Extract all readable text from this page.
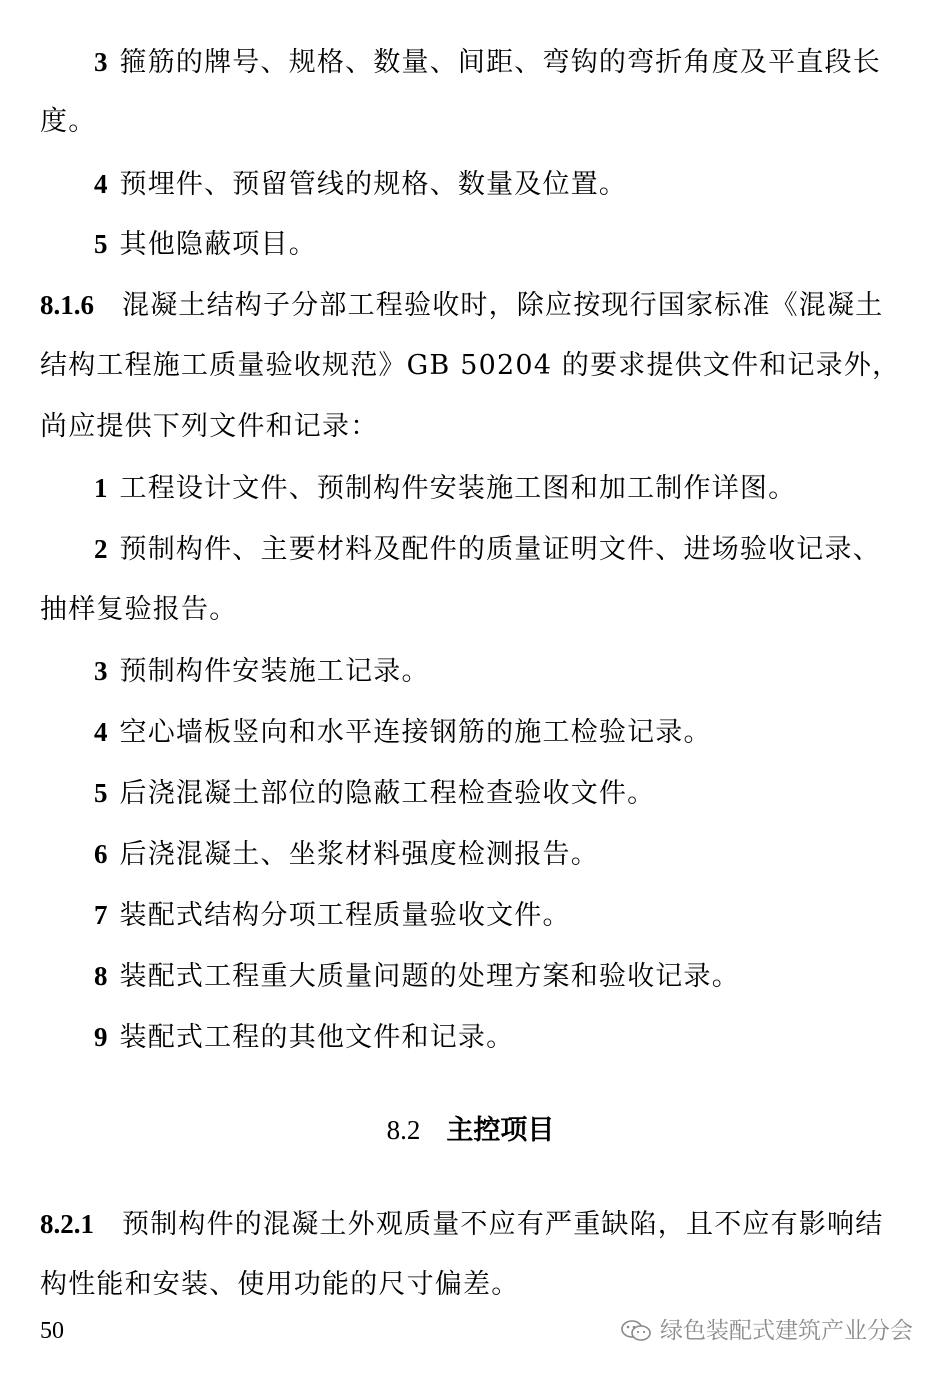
3 箍筋的牌号、规格、数量、间距、弯钩的弯折角度及平直段长
度。
4 预埋件、预留管线的规格、数量及位置。
5 其他隐蔽项目。
8.1.6 混凝土结构子分部工程验收时，除应按现行国家标准《混凝土
结构工程施工质量验收规范》GB 50204 的要求提供文件和记录外，
尚应提供下列文件和记录：
1 工程设计文件、预制构件安装施工图和加工制作详图。
2 预制构件、主要材料及配件的质量证明文件、进场验收记录、
抽样复验报告。
3 预制构件安装施工记录。
4 空心墙板竖向和水平连接钢筋的施工检验记录。
5 后浇混凝土部位的隐蔽工程检查验收文件。
6 后浇混凝土、坐浆材料强度检测报告。
7 装配式结构分项工程质量验收文件。
8 装配式工程重大质量问题的处理方案和验收记录。
9 装配式工程的其他文件和记录。
8.2 主控项目
8.2.1 预制构件的混凝土外观质量不应有严重缺陷，且不应有影响结
构性能和安装、使用功能的尺寸偏差。
50	绿色装配式建筑产业分会
